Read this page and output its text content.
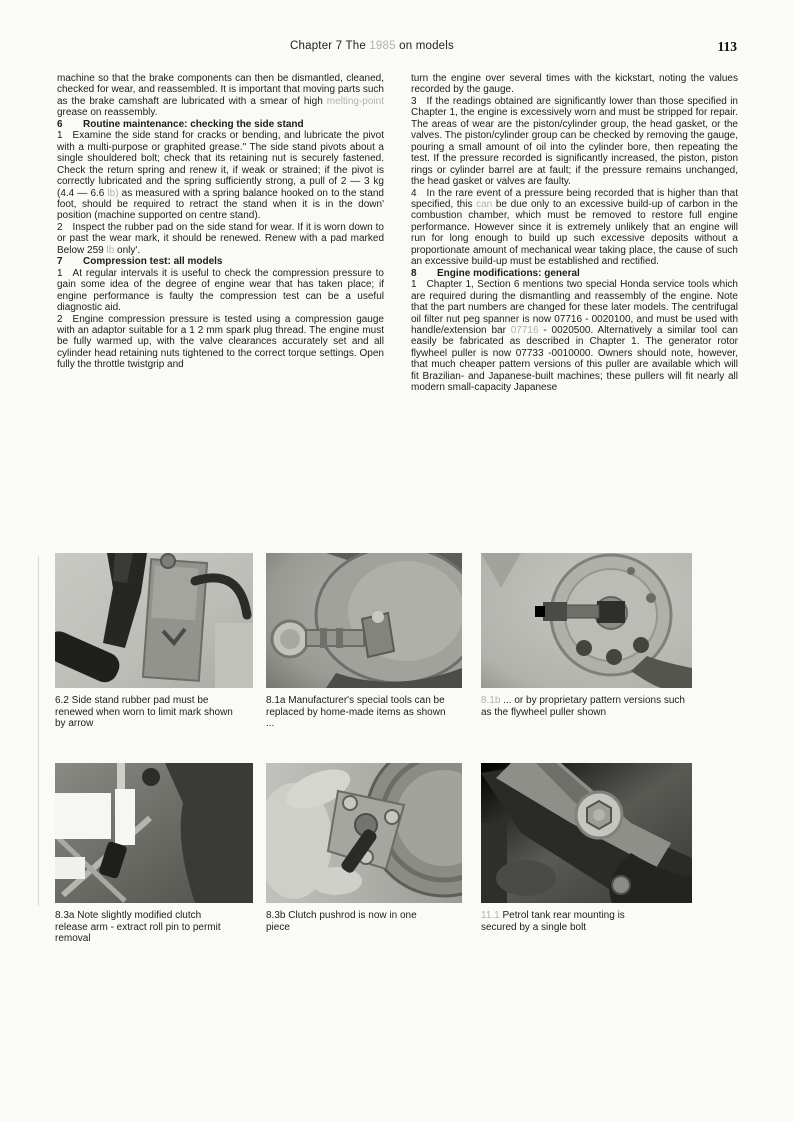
Chapter 7 The 1985 on models	113

machine so that the brake components can then be dismantled, cleaned, checked for wear, and reassembled. It is important that moving parts such as the brake camshaft are lubricated with a smear of high melting-point grease on reassembly.

6 Routine maintenance: checking the side stand

1 Examine the side stand for cracks or bending, and lubricate the pivot with a multi-purpose or graphited grease." The side stand pivots about a single shouldered bolt; check that its retaining nut is securely fastened. Check the return spring and renew it, if weak or strained; if the pivot is correctly lubricated and the spring sufficiently strong, a pull of 2 — 3 kg (4.4 — 6.6 lb) as measured with a spring balance hooked on to the stand foot, should be required to retract the stand when it is in the down' position (machine supported on centre stand).

2 Inspect the rubber pad on the side stand for wear. If it is worn down to or past the wear mark, it should be renewed. Renew with a pad marked Below 259 lb only'.

7 Compression test: all models

1 At regular intervals it is useful to check the compression pressure to gain some idea of the degree of engine wear that has taken place; if engine performance is faulty the compression test can be a useful diagnostic aid.

2 Engine compression pressure is tested using a compression gauge with an adaptor suitable for a 1 2 mm spark plug thread. The engine must be fully warmed up, with the valve clearances accurately set and all cylinder head retaining nuts tightened to the correct torque settings. Open fully the throttle twistgrip and

turn the engine over several times with the kickstart, noting the values recorded by the gauge.

3 If the readings obtained are significantly lower than those specified in Chapter 1, the engine is excessively worn and must be stripped for repair. The areas of wear are the piston/cylinder group, the head gasket, or the valves. The piston/cylinder group can be checked by removing the gauge, pouring a small amount of oil into the cylinder bore, then repeating the test. If the pressure recorded is significantly increased, the piston, piston rings or cylinder barrel are at fault; if the pressure remains unchanged, the head gasket or valves are faulty.

4 In the rare event of a pressure being recorded that is higher than that specified, this can be due only to an excessive build-up of carbon in the combustion chamber, which must be removed to restore full engine performance. However since it is extremely unlikely that an engine will run for long enough to build up such excessive deposits without a proportionate amount of mechanical wear taking place, the cause of such an excessive build-up must be established and rectified.

8 Engine modifications: general

1 Chapter 1, Section 6 mentions two special Honda service tools which are required during the dismantling and reassembly of the engine. Note that the part numbers are changed for these later models. The centrifugal oil filter nut peg spanner is now 07716 - 0020100, and must be used with handle/extension bar 07716 - 0020500. Alternatively a similar tool can easily be fabricated as described in Chapter 1. The generator rotor flywheel puller is now 07733 -0010000. Owners should note, however, that much cheaper pattern versions of this puller are available which will fit Brazilian- and Japanese-built machines; these pullers will fit nearly all modern small-capacity Japanese

6.2 Side stand rubber pad must be renewed when worn to limit mark shown by arrow
8.1a Manufacturer's special tools can be replaced by home-made items as shown ...
8.1b ... or by proprietary pattern versions such as the flywheel puller shown
8.3a Note slightly modified clutch release arm - extract roll pin to permit removal
8.3b Clutch pushrod is now in one piece
11.1 Petrol tank rear mounting is secured by a single bolt
